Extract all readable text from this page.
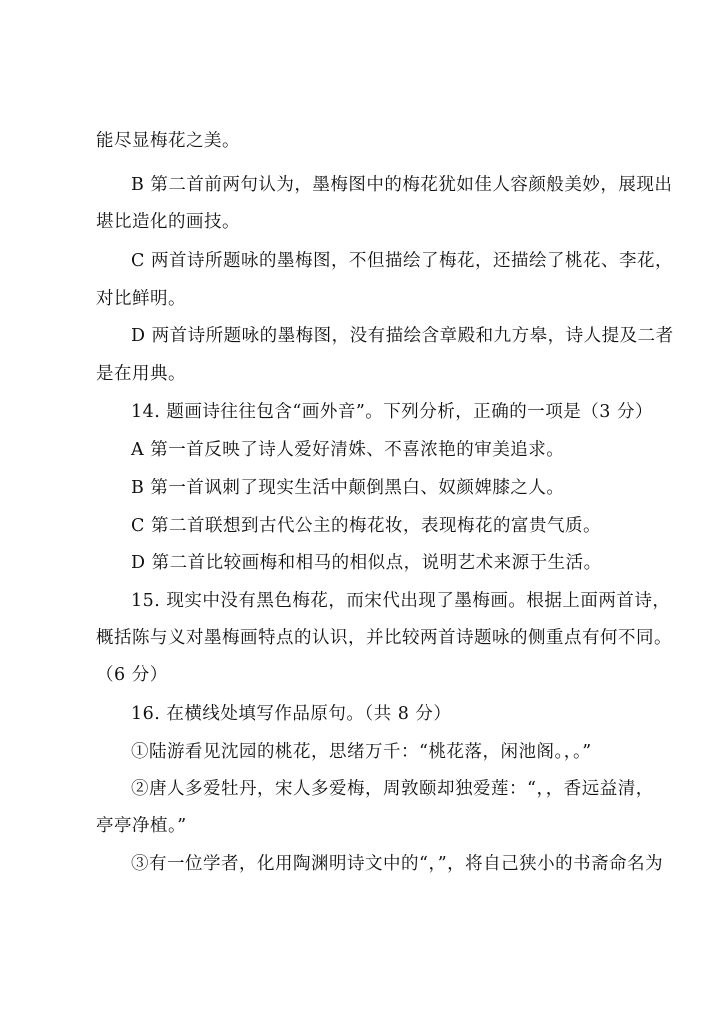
能尽显梅花之美。
B 第二首前两句认为，墨梅图中的梅花犹如佳人容颜般美妙，展现出
堪比造化的画技。
C 两首诗所题咏的墨梅图，不但描绘了梅花，还描绘了桃花、李花，
对比鲜明。
D 两首诗所题咏的墨梅图，没有描绘含章殿和九方皋，诗人提及二者
是在用典。
14. 题画诗往往包含“画外音”。下列分析，正确的一项是（3 分）
A 第一首反映了诗人爱好清姝、不喜浓艳的审美追求。
B 第一首讽刺了现实生活中颠倒黑白、奴颜婢膝之人。
C 第二首联想到古代公主的梅花妆，表现梅花的富贵气质。
D 第二首比较画梅和相马的相似点，说明艺术来源于生活。
15. 现实中没有黑色梅花，而宋代出现了墨梅画。根据上面两首诗，
概括陈与义对墨梅画特点的认识，并比较两首诗题咏的侧重点有何不同。
（6 分）
16. 在横线处填写作品原句。（共 8 分）
①陆游看见沈园的桃花，思绪万千：“桃花落，闲池阁。，。”
②唐人多爱牡丹，宋人多爱梅，周敦颐却独爱莲：“，，香远益清，
亭亭净植。”
③有一位学者，化用陶渊明诗文中的“，”，将自己狭小的书斋命名为
